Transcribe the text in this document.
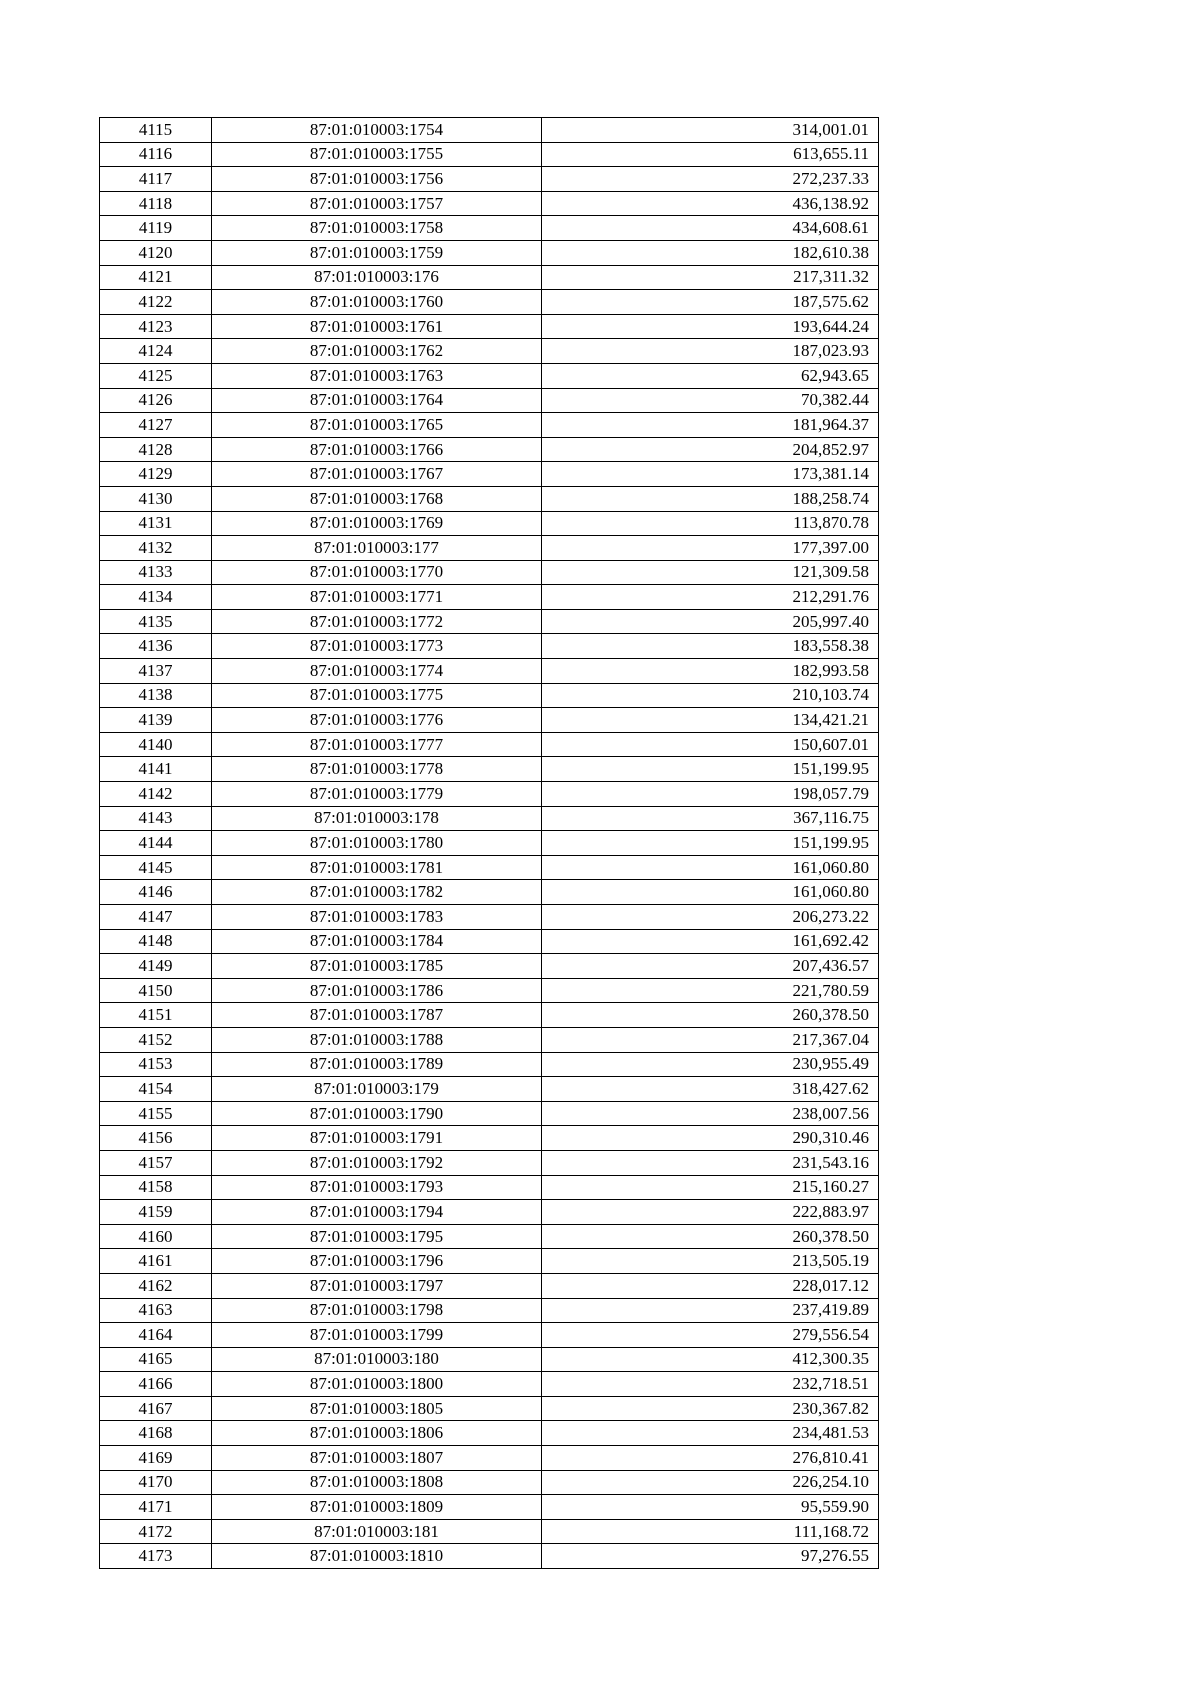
4115	87:01:010003:1754	314,001.01
4116	87:01:010003:1755	613,655.11
4117	87:01:010003:1756	272,237.33
4118	87:01:010003:1757	436,138.92
4119	87:01:010003:1758	434,608.61
4120	87:01:010003:1759	182,610.38
4121	87:01:010003:176	217,311.32
4122	87:01:010003:1760	187,575.62
4123	87:01:010003:1761	193,644.24
4124	87:01:010003:1762	187,023.93
4125	87:01:010003:1763	62,943.65
4126	87:01:010003:1764	70,382.44
4127	87:01:010003:1765	181,964.37
4128	87:01:010003:1766	204,852.97
4129	87:01:010003:1767	173,381.14
4130	87:01:010003:1768	188,258.74
4131	87:01:010003:1769	113,870.78
4132	87:01:010003:177	177,397.00
4133	87:01:010003:1770	121,309.58
4134	87:01:010003:1771	212,291.76
4135	87:01:010003:1772	205,997.40
4136	87:01:010003:1773	183,558.38
4137	87:01:010003:1774	182,993.58
4138	87:01:010003:1775	210,103.74
4139	87:01:010003:1776	134,421.21
4140	87:01:010003:1777	150,607.01
4141	87:01:010003:1778	151,199.95
4142	87:01:010003:1779	198,057.79
4143	87:01:010003:178	367,116.75
4144	87:01:010003:1780	151,199.95
4145	87:01:010003:1781	161,060.80
4146	87:01:010003:1782	161,060.80
4147	87:01:010003:1783	206,273.22
4148	87:01:010003:1784	161,692.42
4149	87:01:010003:1785	207,436.57
4150	87:01:010003:1786	221,780.59
4151	87:01:010003:1787	260,378.50
4152	87:01:010003:1788	217,367.04
4153	87:01:010003:1789	230,955.49
4154	87:01:010003:179	318,427.62
4155	87:01:010003:1790	238,007.56
4156	87:01:010003:1791	290,310.46
4157	87:01:010003:1792	231,543.16
4158	87:01:010003:1793	215,160.27
4159	87:01:010003:1794	222,883.97
4160	87:01:010003:1795	260,378.50
4161	87:01:010003:1796	213,505.19
4162	87:01:010003:1797	228,017.12
4163	87:01:010003:1798	237,419.89
4164	87:01:010003:1799	279,556.54
4165	87:01:010003:180	412,300.35
4166	87:01:010003:1800	232,718.51
4167	87:01:010003:1805	230,367.82
4168	87:01:010003:1806	234,481.53
4169	87:01:010003:1807	276,810.41
4170	87:01:010003:1808	226,254.10
4171	87:01:010003:1809	95,559.90
4172	87:01:010003:181	111,168.72
4173	87:01:010003:1810	97,276.55
